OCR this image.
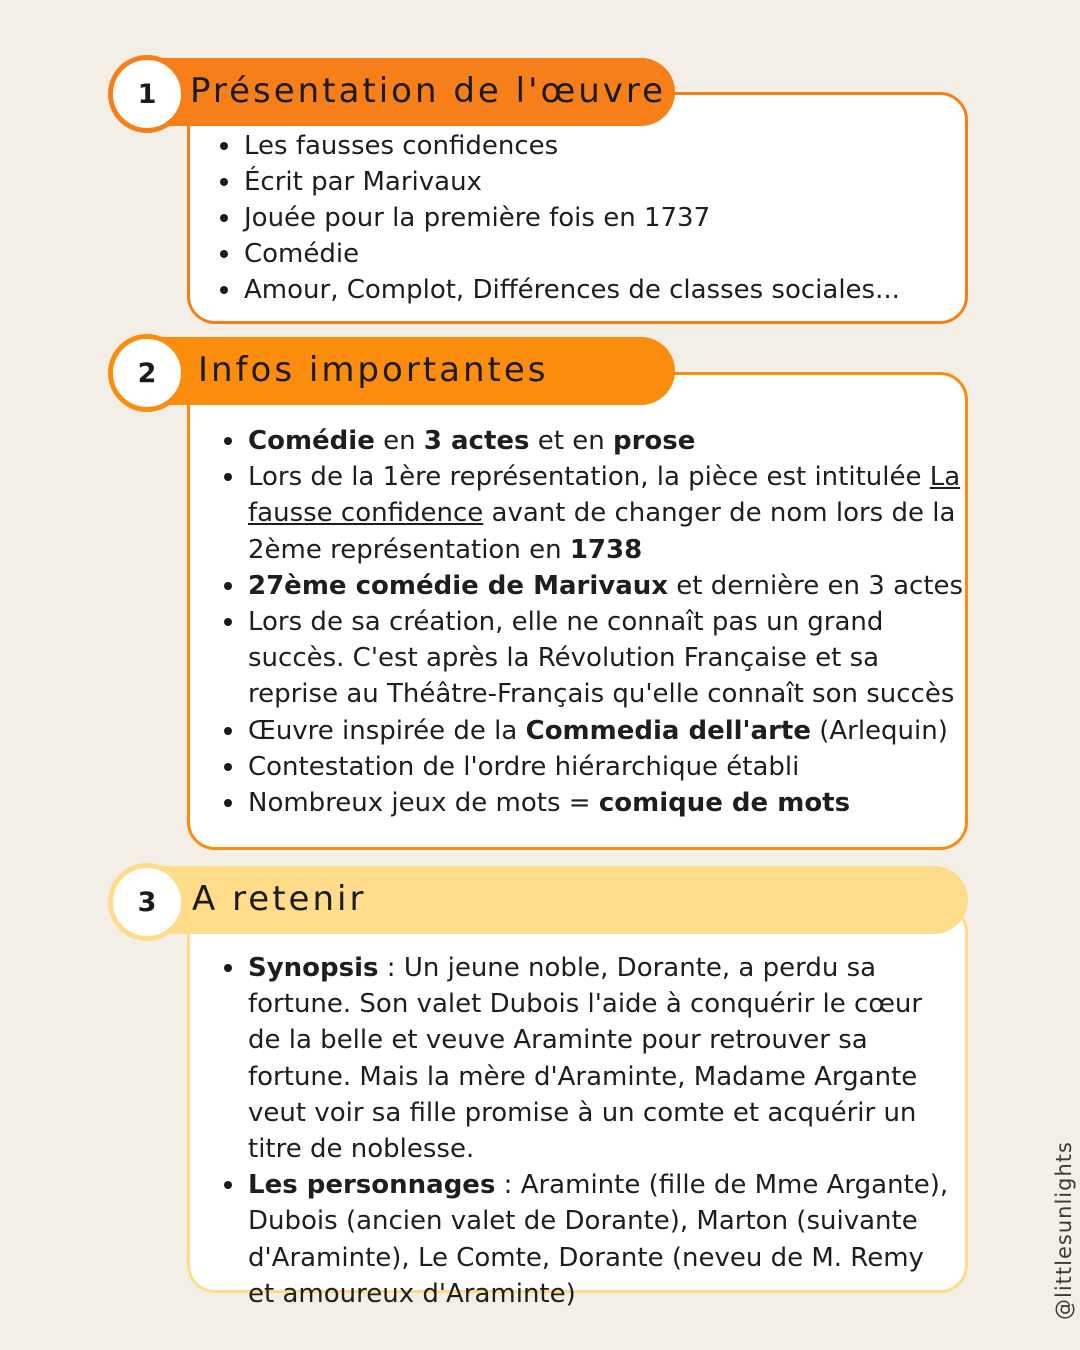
1 Présentation de l'œuvre
Les fausses confidences
Écrit par Marivaux
Jouée pour la première fois en 1737
Comédie
Amour, Complot, Différences de classes sociales...
2	Infos importantes
Comédie en 3 actes et en prose
Lors de la 1ère représentation, la pièce est intitulée La fausse confidence avant de changer de nom lors de la 2ème représentation en 1738
27ème comédie de Marivaux et dernière en 3 actes
Lors de sa création, elle ne connaît pas un grand succès. C'est après la Révolution Française et sa reprise au Théâtre-Français qu'elle connaît son succès
Œuvre inspirée de la Commedia dell'arte (Arlequin)
Contestation de l'ordre hiérarchique établi
Nombreux jeux de mots = comique de mots
3	A retenir
Synopsis : Un jeune noble, Dorante, a perdu sa fortune. Son valet Dubois l'aide à conquérir le cœur de la belle et veuve Araminte pour retrouver sa fortune. Mais la mère d'Araminte, Madame Argante veut voir sa fille promise à un comte et acquérir un titre de noblesse.
Les personnages : Araminte (fille de Mme Argante), Dubois (ancien valet de Dorante), Marton (suivante d'Araminte), Le Comte, Dorante (neveu de M. Remy et amoureux d'Araminte)	@littlesunlights
